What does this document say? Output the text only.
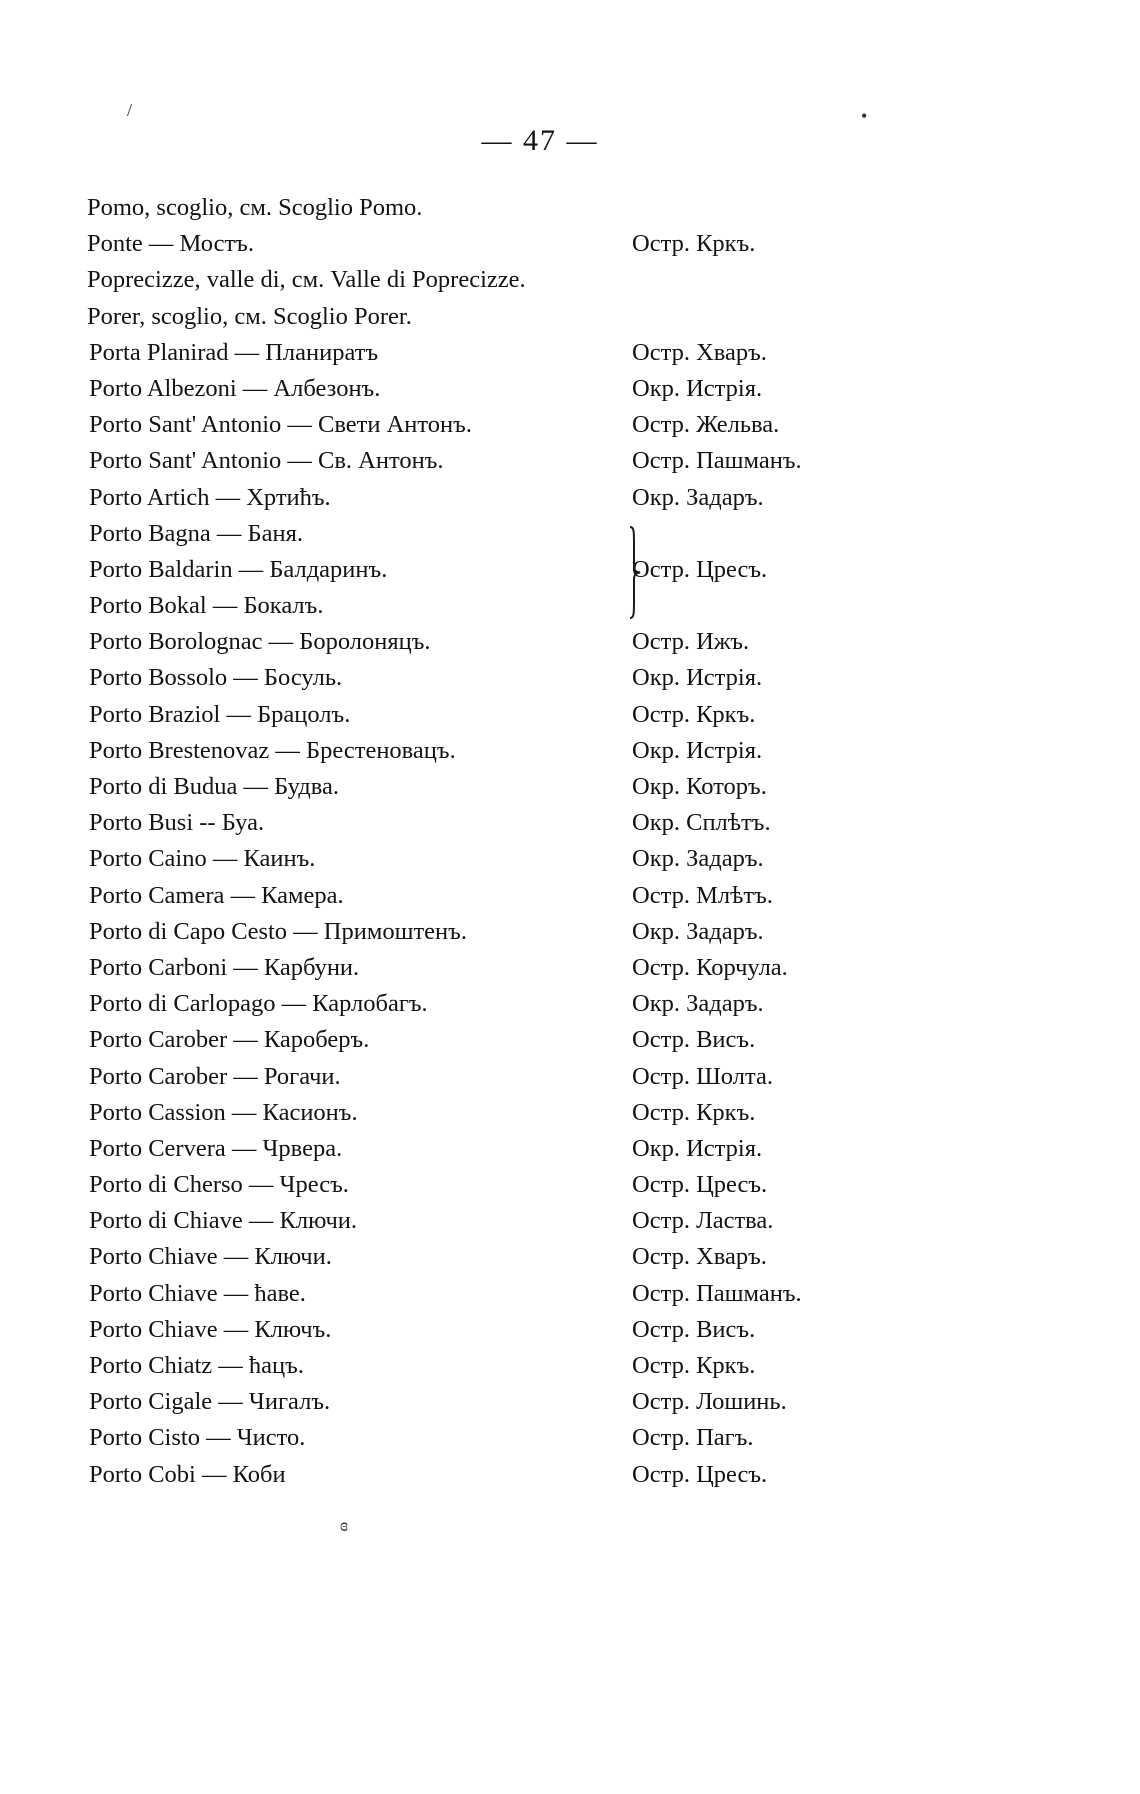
— 47 —
Pomo, scoglio, см. Scoglio Pomo.
Ponte — Мостъ.	Остр. Кркъ.
Poprecizze, valle di, см. Valle di Poprecizze.
Porer, scoglio, см. Scoglio Porer.
Porta Planirad — Планиратъ	Остр. Хваръ.
Porto Albezoni — Албезонъ.	Окр. Истрія.
Porto Sant' Antonio — Свети Антонъ.	Остр. Жельва.
Porto Sant' Antonio — Св. Антонъ.	Остр. Пашманъ.
Porto Artich — Хртићъ.	Окр. Задаръ.
Porto Bagna — Баня.
Porto Baldarin — Балдаринъ.	Остр. Цресъ.
Porto Bokal — Бокалъ.
Porto Borolognac — Боролоняцъ.	Остр. Ижъ.
Porto Bossolo — Босуль.	Окр. Истрія.
Porto Braziol — Брацолъ.	Остр. Кркъ.
Porto Brestenovaz — Брестеновацъ.	Окр. Истрія.
Porto di Budua — Будва.	Окр. Которъ.
Porto Busi -- Буа.	Окр. Сплѣтъ.
Porto Caino — Каинъ.	Окр. Задаръ.
Porto Camera — Камера.	Остр. Млѣтъ.
Porto di Capo Cesto — Примоштенъ.	Окр. Задаръ.
Porto Carboni — Карбуни.	Остр. Корчула.
Porto di Carlopago — Карлобагъ.	Окр. Задаръ.
Porto Carober — Кароберъ.	Остр. Висъ.
Porto Carober — Рогачи.	Остр. Шолта.
Porto Cassion — Касионъ.	Остр. Кркъ.
Porto Cervera — Чрвера.	Окр. Истрія.
Porto di Cherso — Чресъ.	Остр. Цресъ.
Porto di Chiave — Ключи.	Остр. Ластва.
Porto Chiave — Ключи.	Остр. Хваръ.
Porto Chiave — ћаве.	Остр. Пашманъ.
Porto Chiave — Ключъ.	Остр. Висъ.
Porto Chiatz — ћацъ.	Остр. Кркъ.
Porto Cigale — Чигалъ.	Остр. Лошинь.
Porto Cisto — Чисто.	Остр. Пагъ.
Porto Cobi — Коби	Остр. Цресъ.
/	•
ɞ
